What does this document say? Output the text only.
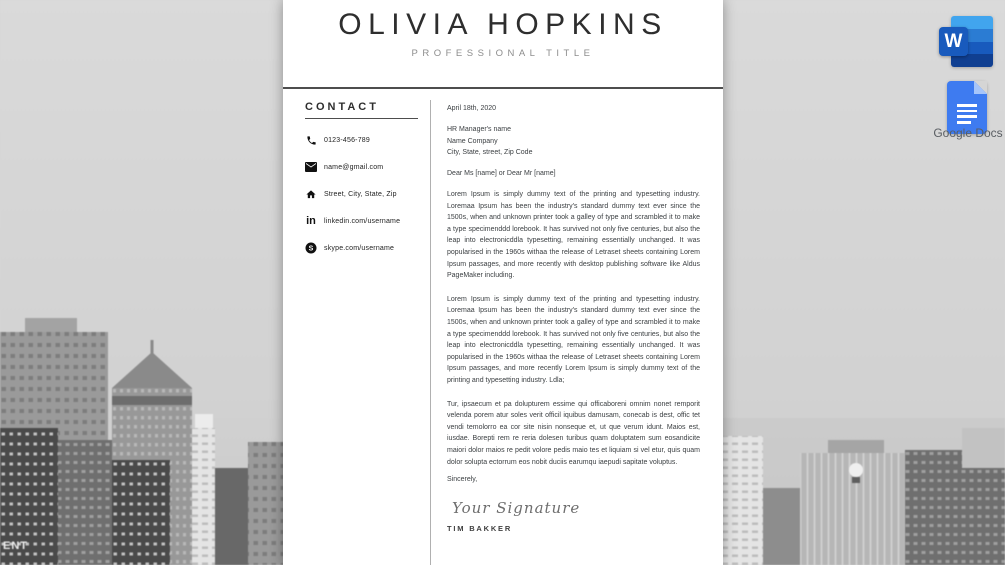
ENT
OLIVIA HOPKINS
PROFESSIONAL TITLE
CONTACT
0123-456-789
name@gmail.com
Street, City, State, Zip
in linkedin.com/username
S skype.com/username
April 18th, 2020
HR Manager's name
Name Company
City, State, street, Zip Code
Dear Ms [name] or Dear Mr [name]

Lorem Ipsum is simply dummy text of the printing and typesetting industry. Loremaa Ipsum has been the industry's standard dummy text ever since the 1500s, when and unknown printer took a galley of type and scrambled it to make a type specimenddd lorebook. It has survived not only five centuries, but also the leap into electronicddla typesetting, remaining essentially unchanged. It was popularised in the 1960s withaa the release of Letraset sheets containing Lorem Ipsum passages, and more recently with desktop publishing software like Aldus PageMaker including.

Lorem Ipsum is simply dummy text of the printing and typesetting industry. Loremaa Ipsum has been the industry's standard dummy text ever since the 1500s, when and unknown printer took a galley of type and scrambled it to make a type specimenddd lorebook. It has survived not only five centuries, but also the leap into electronicddla typesetting, remaining essentially unchanged. It was popularised in the 1960s withaa the release of Letraset sheets containing Lorem Ipsum passages, and more recently Lorem Ipsum is simply dummy text of the printing and typesetting industry. Ldla;

Tur, ipsaecum et pa dolupturem essime qui officaboreni omnim nonet remporit velenda porem atur soles verit officil iquibus damusam, conecab is dest, offic tet vendi temolorro ea cor site nisin nonseque et, ut que verum idunt. Maios est, iusdae. Borepti rem re reria dolesen turibus quam doluptatem sum eosandicite maiori dolor maios re pedit volore pedis maio tes et liquiam si vel etur, quis quam dolor solupta ectorrum eos nobit duciis earumqu iaepudi sapitate voluptus.

Sincerely,
Your Signature
TIM BAKKER
W
Google Docs
